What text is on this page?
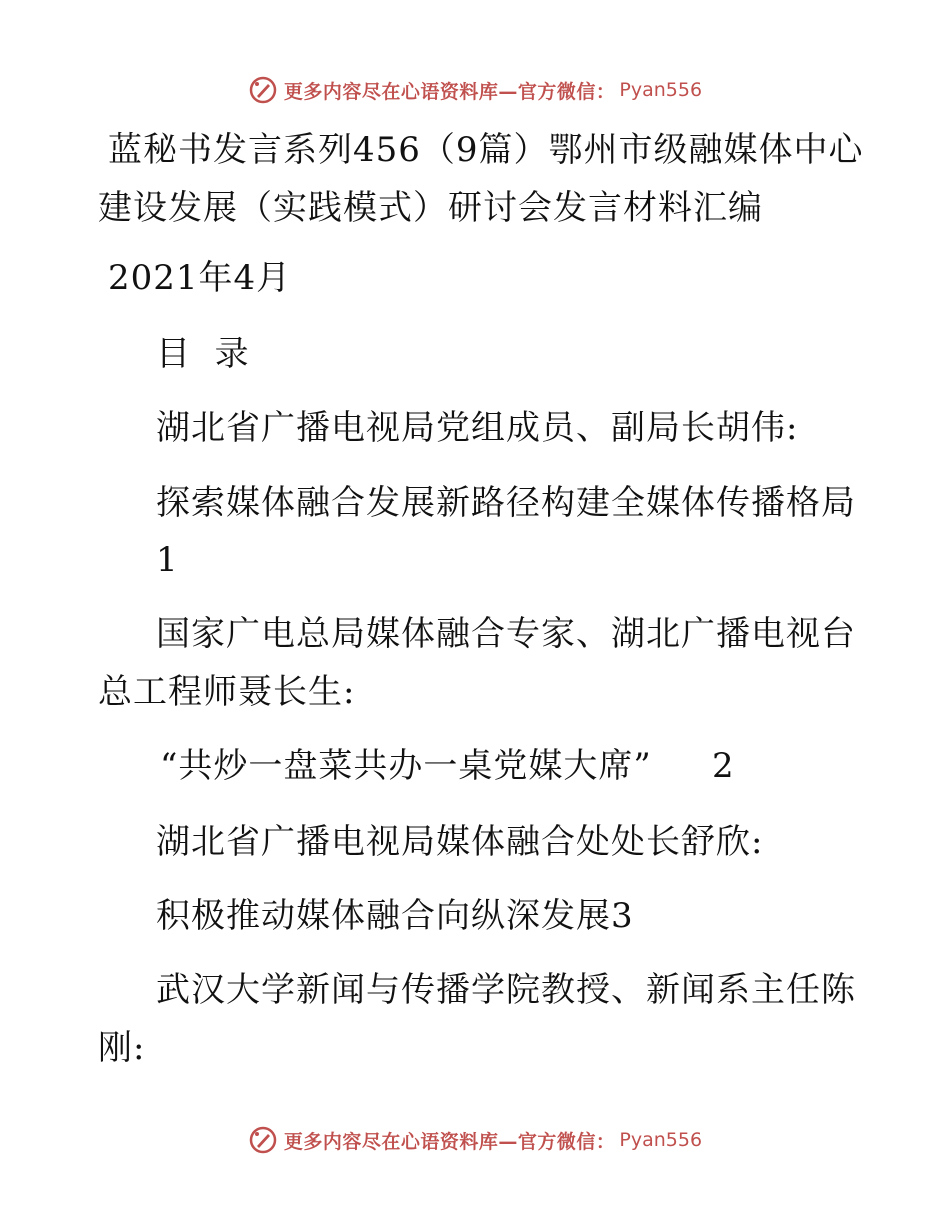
更多内容尽在心语资料库—官方微信： Pyan556
蓝秘书发言系列456（9篇）鄂州市级融媒体中心
建设发展（实践模式）研讨会发言材料汇编
2021年4月
目  录
湖北省广播电视局党组成员、副局长胡伟:
探索媒体融合发展新路径构建全媒体传播格局
1
国家广电总局媒体融合专家、湖北广播电视台
总工程师聂长生:
“共炒一盘菜共办一桌党媒大席” 2
湖北省广播电视局媒体融合处处长舒欣:
积极推动媒体融合向纵深发展3
武汉大学新闻与传播学院教授、新闻系主任陈
刚:
更多内容尽在心语资料库—官方微信： Pyan556
